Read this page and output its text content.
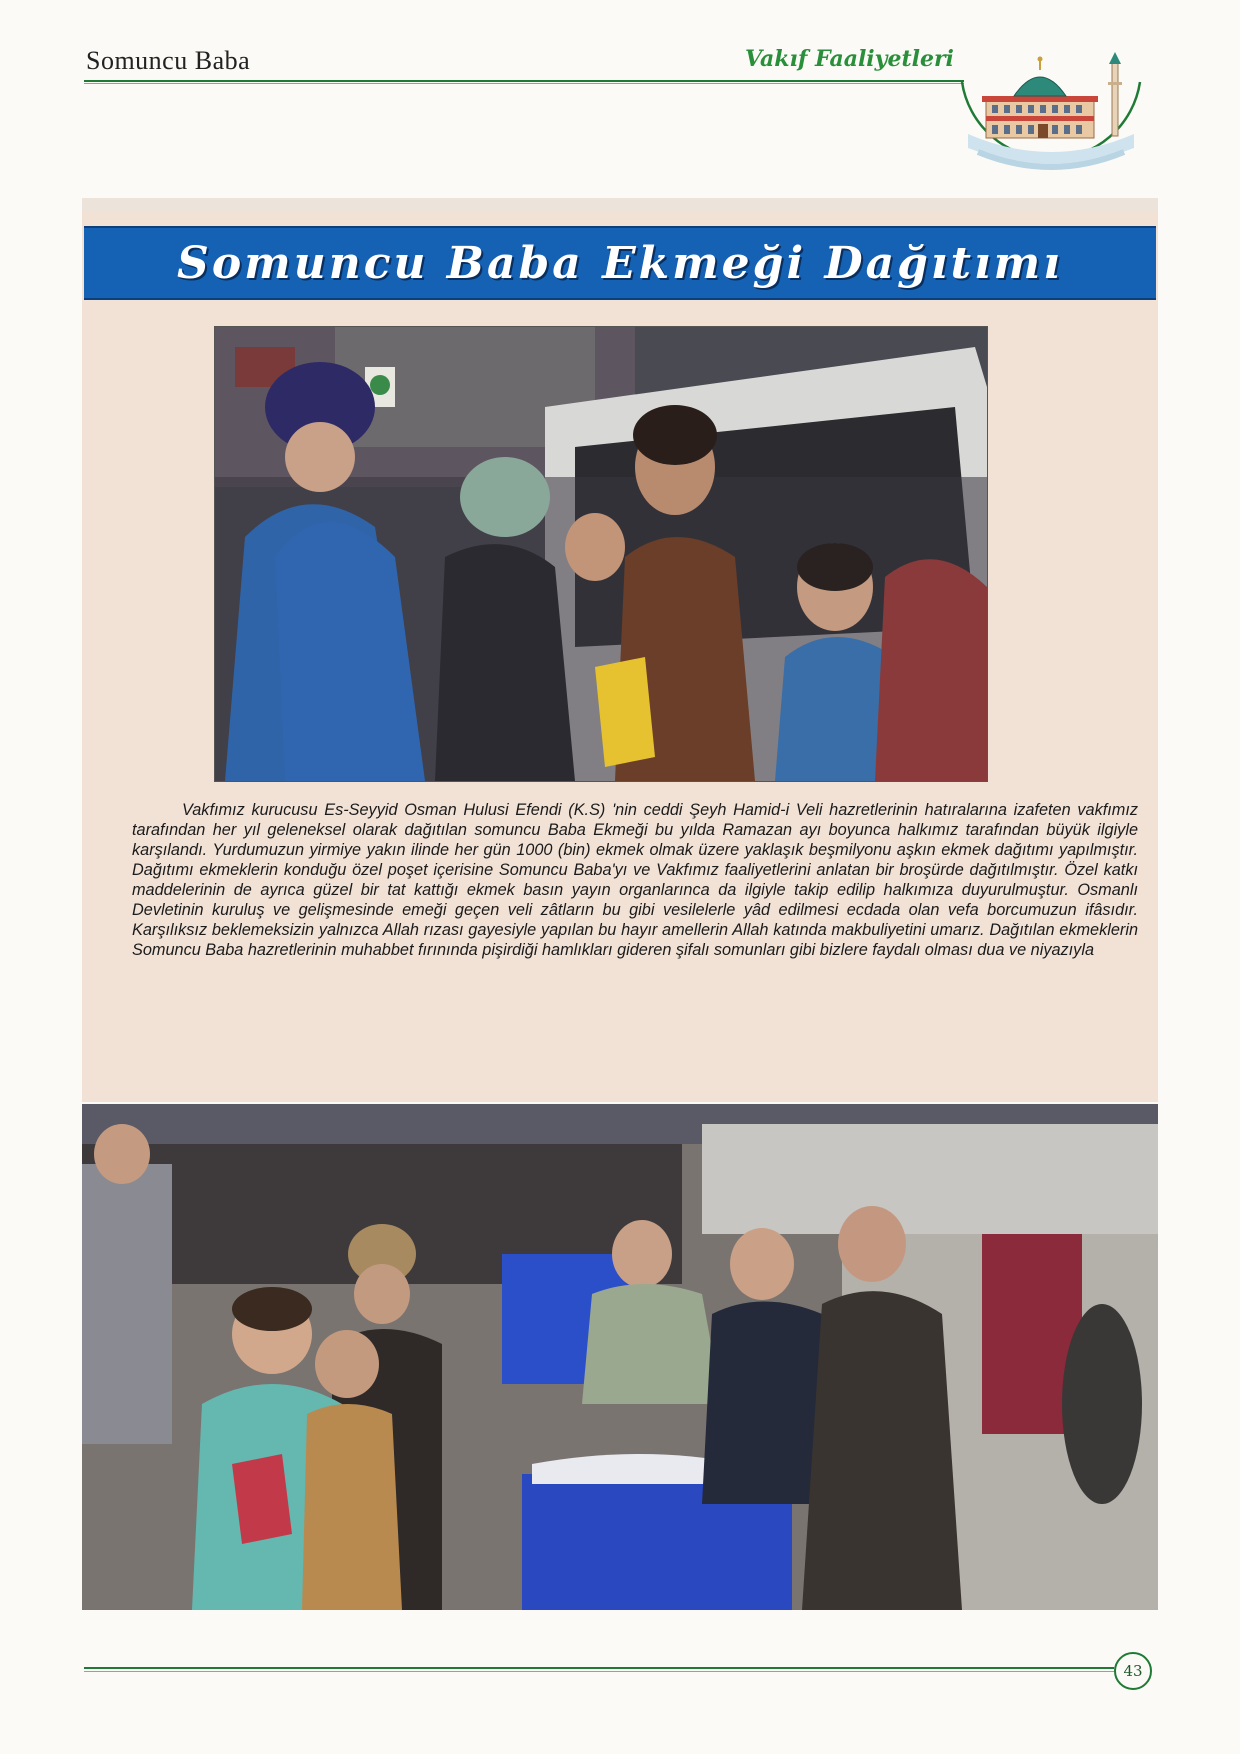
Somuncu Baba	Vakıf Faaliyetleri
Somuncu Baba Ekmeği Dağıtımı
Vakfımız kurucusu Es-Seyyid Osman Hulusi Efendi (K.S) 'nin ceddi Şeyh Hamid-i Veli hazretlerinin hatıralarına izafeten vakfımız tarafından her yıl geleneksel olarak dağıtılan somuncu Baba Ekmeği bu yılda Ramazan ayı boyunca halkımız tarafından büyük ilgiyle karşılandı. Yurdumuzun yirmiye yakın ilinde her gün 1000 (bin) ekmek olmak üzere yaklaşık beşmilyonu aşkın ekmek dağıtımı yapılmıştır. Dağıtımı ekmeklerin konduğu özel poşet içerisine Somuncu Baba'yı ve Vakfımız faaliyetlerini anlatan bir broşürde dağıtılmıştır. Özel katkı maddelerinin de ayrıca güzel bir tat kattığı ekmek basın yayın organlarınca da ilgiyle takip edilip halkımıza duyurulmuştur. Osmanlı Devletinin kuruluş ve gelişmesinde emeği geçen veli zâtların bu gibi vesilelerle yâd edilmesi ecdada olan vefa borcumuzun ifâsıdır. Karşılıksız beklemeksizin yalnızca Allah rızası gayesiyle yapılan bu hayır amellerin Allah katında makbuliyetini umarız. Dağıtılan ekmeklerin Somuncu Baba hazretlerinin muhabbet fırınında pişirdiği hamlıkları gideren şifalı somunları gibi bizlere faydalı olması dua ve niyazıyla
43
